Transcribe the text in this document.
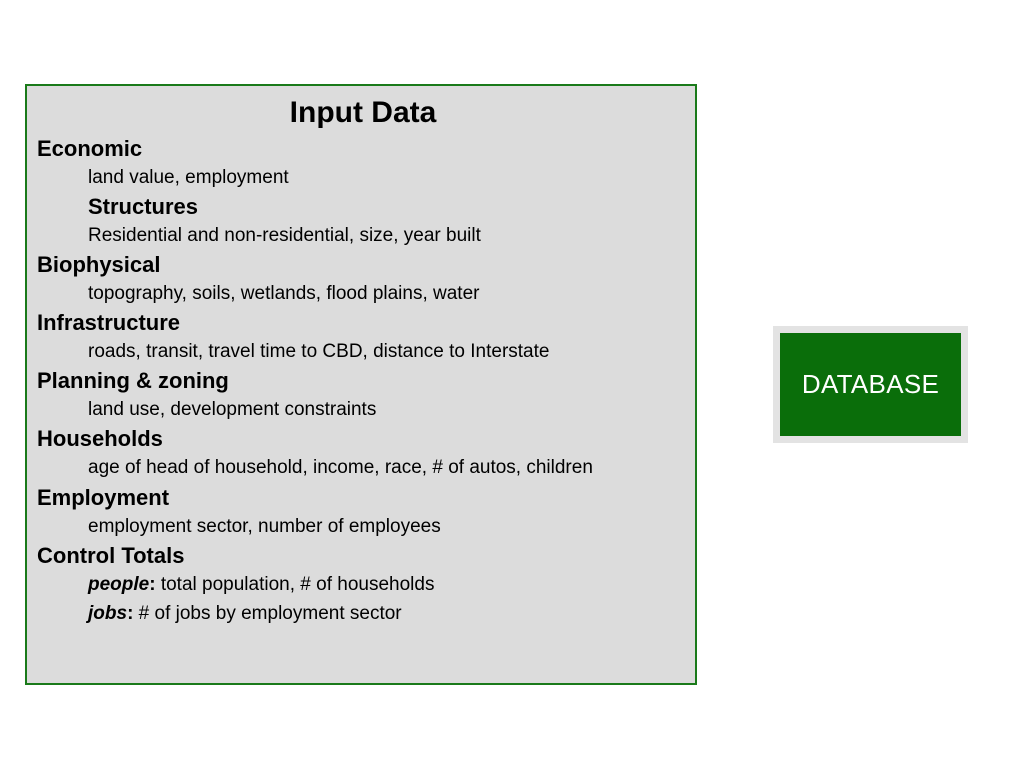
Input Data
Economic
land value, employment
Structures
Residential and non-residential, size, year built
Biophysical
topography, soils, wetlands, flood plains, water
Infrastructure
roads, transit, travel time to CBD, distance to Interstate
Planning & zoning
land use, development constraints
Households
age of head of household, income, race, # of autos, children
Employment
employment sector, number of employees
Control Totals
people: total population, # of households
jobs: # of jobs by employment sector
DATABASE
